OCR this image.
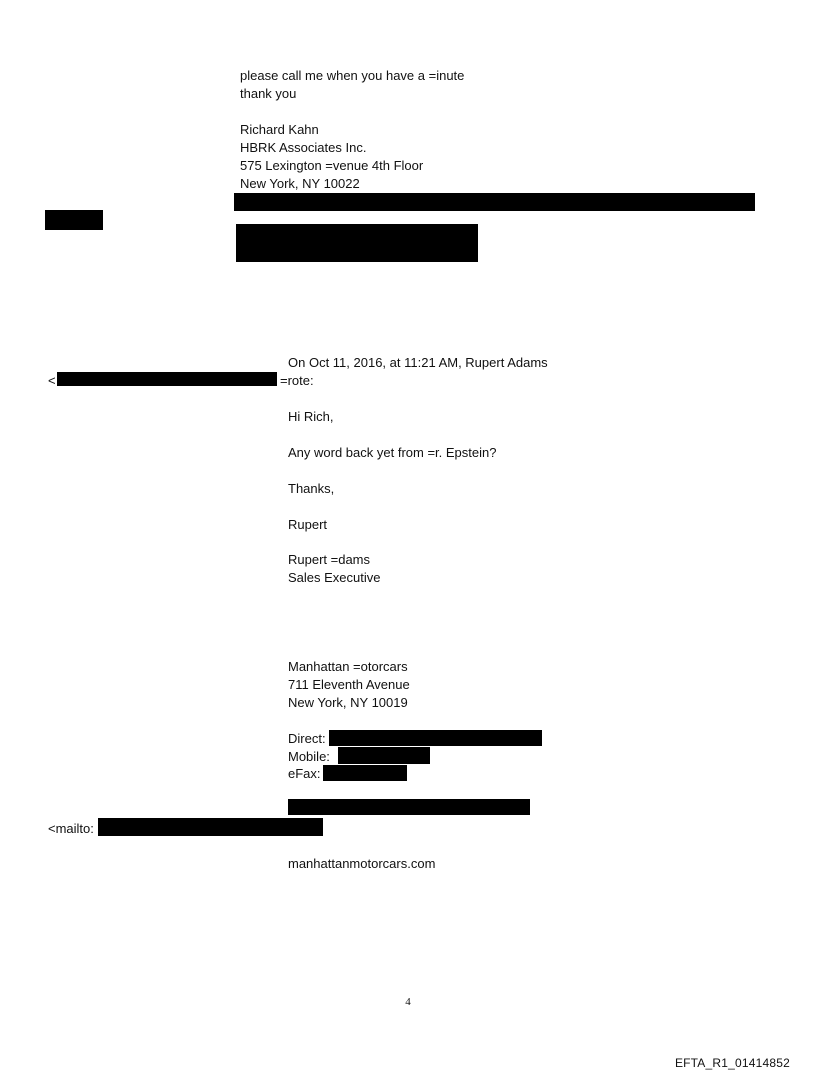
please call me when you have a =inute
thank you
Richard Kahn
HBRK Associates Inc.
575 Lexington =venue 4th Floor
New York, NY 10022
On Oct 11, 2016, at 11:21 AM, Rupert Adams
<	=rote:
Hi Rich,
Any word back yet from =r. Epstein?
Thanks,
Rupert
Rupert =dams
Sales Executive
Manhattan =otorcars
711 Eleventh Avenue
New York, NY 10019
Direct:
Mobile:
eFax:
<mailto:
manhattanmotorcars.com
4
EFTA_R1_01414852
